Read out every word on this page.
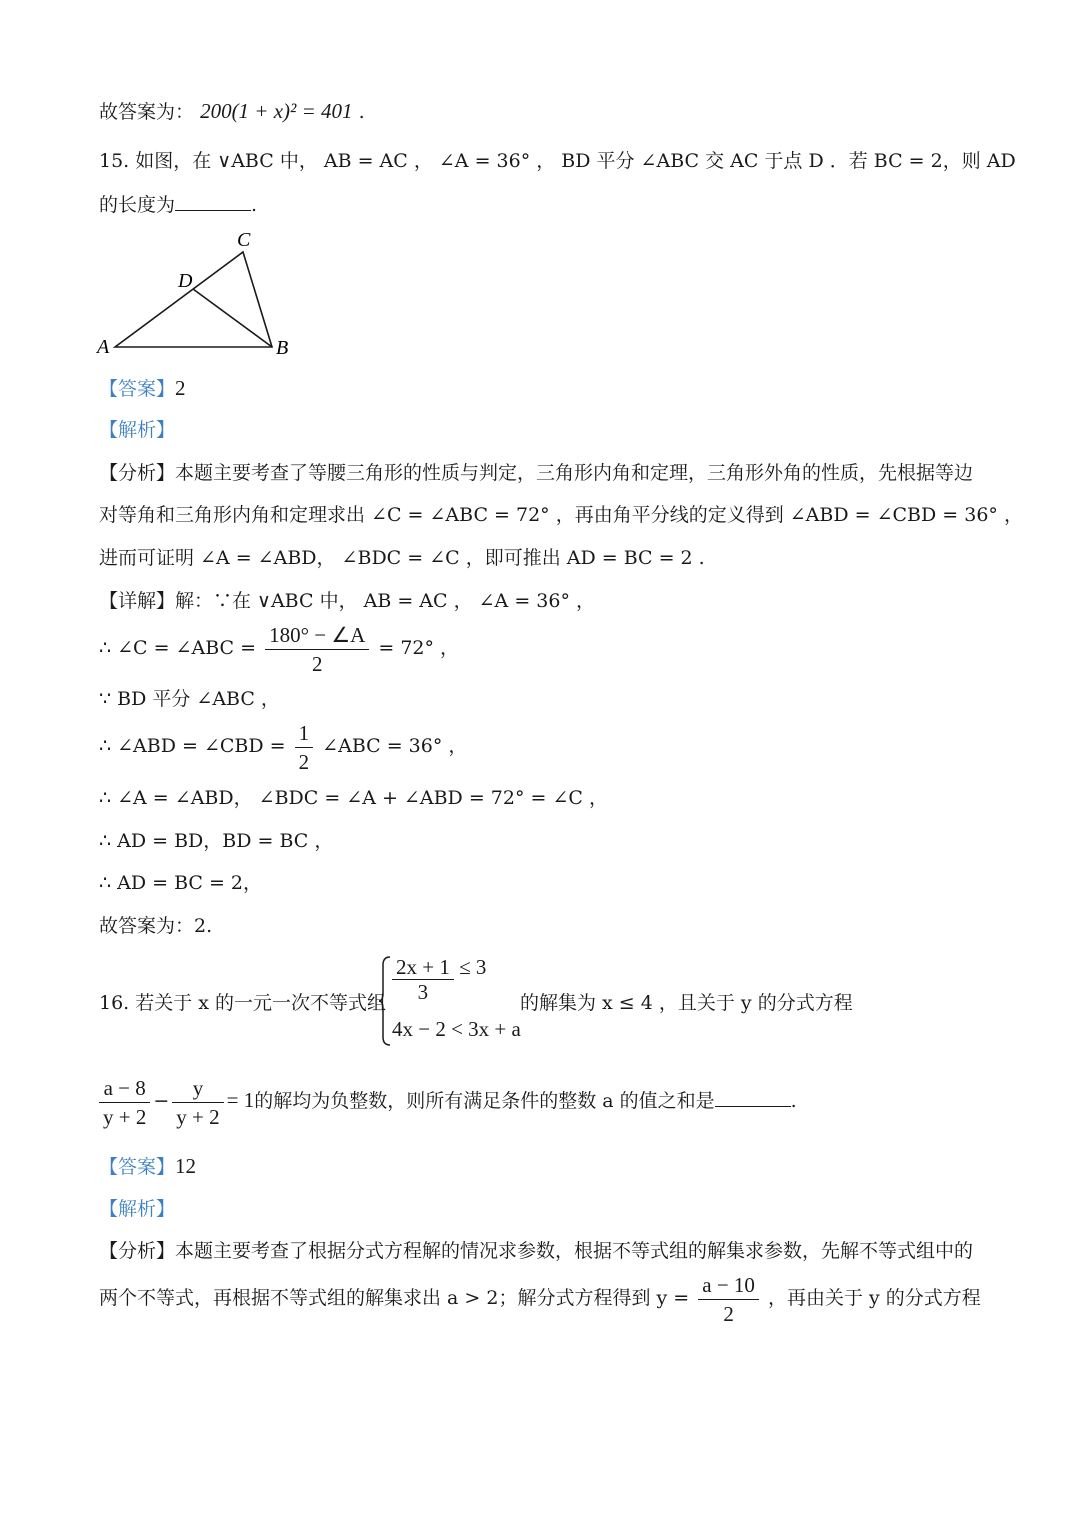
故答案为： 200(1 + x)² = 401 .
15. 如图，在 ∨ABC 中， AB = AC ， ∠A = 36° ， BD 平分 ∠ABC 交 AC 于点 D ．若 BC = 2，则 AD
的长度为	.
A	B
C
D
【答案】2
【解析】
【分析】本题主要考查了等腰三角形的性质与判定，三角形内角和定理，三角形外角的性质，先根据等边
对等角和三角形内角和定理求出 ∠C = ∠ABC = 72° ，再由角平分线的定义得到 ∠ABD = ∠CBD = 36° ，
进而可证明 ∠A = ∠ABD， ∠BDC = ∠C ，即可推出 AD = BC = 2 .
【详解】解：∵在 ∨ABC 中， AB = AC ， ∠A = 36° ，
∴ ∠C = ∠ABC = $\frac{180^\circ - \angle A}{2} = 72^\circ$ ，
∵ BD 平分 ∠ABC ，
∴ ∠ABD = ∠CBD = $\frac{1}{2}$ ∠ABC = 36° ，
∴ ∠A = ∠ABD， ∠BDC = ∠A + ∠ABD = 72° = ∠C ，
∴ AD = BD，BD = BC ，
∴ AD = BC = 2，
故答案为：2.
16. 若关于 x 的一元一次不等式组 $\frac{2x + 1}{3} \le 3$
4x − 2 < 3x + a
的解集为 x ≤ 4 ，且关于 y 的分式方程
$\frac{a - 8}{y + 2} - \frac{y}{y + 2} = 1$的解均为负整数，则所有满足条件的整数 a 的值之和是	.
【答案】12
【解析】
【分析】本题主要考查了根据分式方程解的情况求参数，根据不等式组的解集求参数，先解不等式组中的
两个不等式，再根据不等式组的解集求出 a > 2；解分式方程得到 $y = \frac{a - 10}{2}$ ，再由关于 y 的分式方程
